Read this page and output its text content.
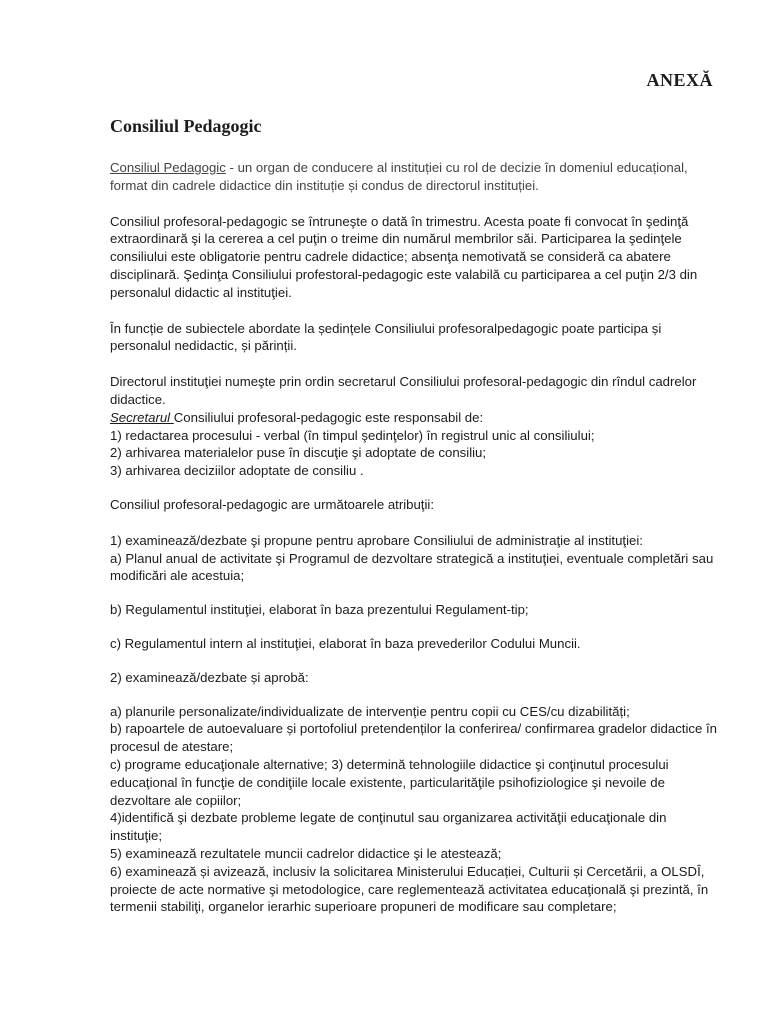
ANEXĂ
Consiliul Pedagogic

Consiliul Pedagogic - un organ de conducere al instituției cu rol de decizie în domeniul educațional, format din cadrele didactice din instituție și condus de directorul instituției.

Consiliul profesoral-pedagogic se întruneşte o dată în trimestru. Acesta poate fi convocat în şedinţă extraordinară şi la cererea a cel puţin o treime din numărul membrilor săi. Participarea la şedinţele consiliului este obligatorie pentru cadrele didactice; absenţa nemotivată se consideră ca abatere disciplinară. Şedinţa Consiliului profestoral-pedagogic este valabilă cu participarea a cel puţin 2/3 din personalul didactic al instituţiei.

În funcție de subiectele abordate la ședințele Consiliului profesoralpedagogic poate participa și personalul nedidactic, și părinții.

Directorul instituţiei numeşte prin ordin secretarul Consiliului profesoral-pedagogic din rîndul cadrelor didactice.

Secretarul Consiliului profesoral-pedagogic este responsabil de:

1) redactarea procesului - verbal (în timpul şedinţelor) în registrul unic al consiliului;

2) arhivarea materialelor puse în discuţie şi adoptate de consiliu;

3) arhivarea deciziilor adoptate de consiliu .

Consiliul profesoral-pedagogic are următoarele atribuţii:

1) examinează/dezbate şi propune pentru aprobare Consiliului de administraţie al instituţiei:

a) Planul anual de activitate şi Programul de dezvoltare strategică a instituţiei, eventuale completări sau modificări ale acestuia;

b) Regulamentul instituţiei, elaborat în baza prezentului Regulament-tip;

c) Regulamentul intern al instituţiei, elaborat în baza prevederilor Codului Muncii.

2) examinează/dezbate și aprobă:

a) planurile personalizate/individualizate de intervenție pentru copii cu CES/cu dizabilități;

b) rapoartele de autoevaluare și portofoliul pretendenților la conferirea/ confirmarea gradelor didactice în procesul de atestare;

c) programe educaţionale alternative; 3) determină tehnologiile didactice şi conţinutul procesului educaţional în funcţie de condiţiile locale existente, particularităţile psihofiziologice şi nevoile de dezvoltare ale copiilor;

4)identifică şi dezbate probleme legate de conţinutul sau organizarea activităţii educaţionale din instituţie;

5) examinează rezultatele muncii cadrelor didactice şi le atestează;

6) examinează și avizează, inclusiv la solicitarea Ministerului Educației, Culturii și Cercetării, a OLSDÎ, proiecte de acte normative şi metodologice, care reglementează activitatea educaţională şi prezintă, în termenii stabiliţi, organelor ierarhic superioare propuneri de modificare sau completare;
